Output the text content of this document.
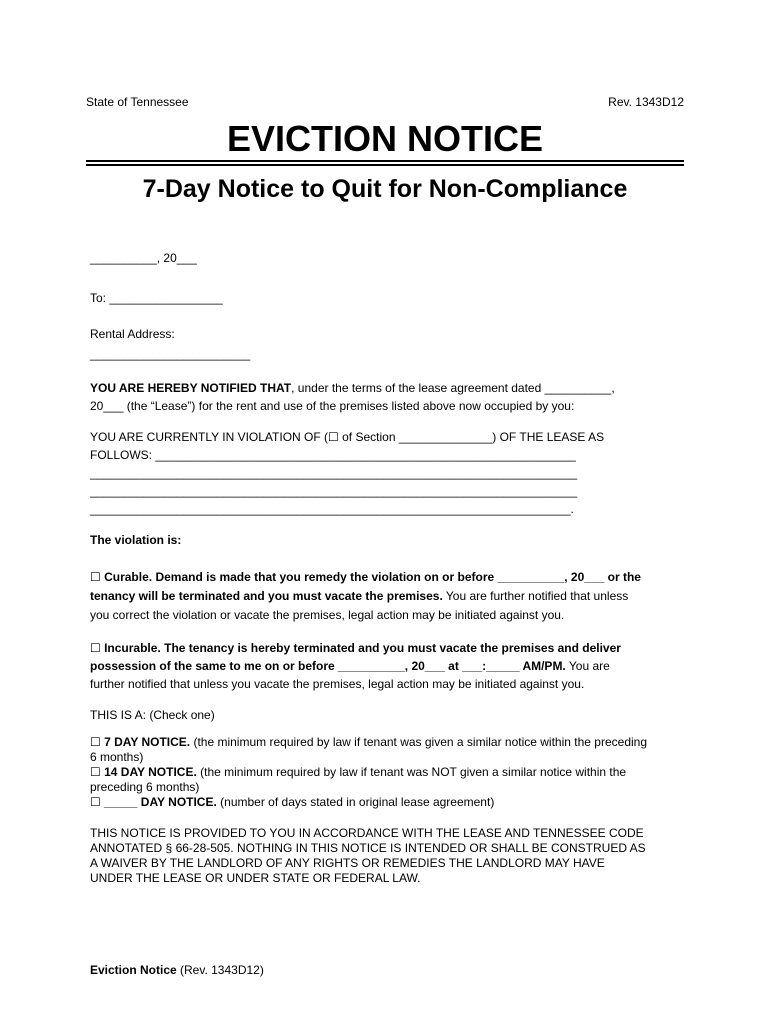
State of Tennessee	Rev. 1343D12
EVICTION NOTICE
7-Day Notice to Quit for Non-Compliance
__________, 20___
To: _________________
Rental Address:
________________________
YOU ARE HEREBY NOTIFIED THAT, under the terms of the lease agreement dated __________,
20___ (the “Lease”) for the rent and use of the premises listed above now occupied by you:
YOU ARE CURRENTLY IN VIOLATION OF (☐ of Section ______________) OF THE LEASE AS
FOLLOWS: _______________________________________________________________
_________________________________________________________________________
_________________________________________________________________________
________________________________________________________________________.
The violation is:
☐ Curable. Demand is made that you remedy the violation on or before __________, 20___ or the
tenancy will be terminated and you must vacate the premises. You are further notified that unless
you correct the violation or vacate the premises, legal action may be initiated against you.
☐ Incurable. The tenancy is hereby terminated and you must vacate the premises and deliver
possession of the same to me on or before __________, 20___ at ___:_____ AM/PM. You are
further notified that unless you vacate the premises, legal action may be initiated against you.
THIS IS A: (Check one)
☐ 7 DAY NOTICE. (the minimum required by law if tenant was given a similar notice within the preceding
6 months)
☐ 14 DAY NOTICE. (the minimum required by law if tenant was NOT given a similar notice within the
preceding 6 months)
☐ _____ DAY NOTICE. (number of days stated in original lease agreement)
THIS NOTICE IS PROVIDED TO YOU IN ACCORDANCE WITH THE LEASE AND TENNESSEE CODE
ANNOTATED § 66-28-505. NOTHING IN THIS NOTICE IS INTENDED OR SHALL BE CONSTRUED AS
A WAIVER BY THE LANDLORD OF ANY RIGHTS OR REMEDIES THE LANDLORD MAY HAVE
UNDER THE LEASE OR UNDER STATE OR FEDERAL LAW.
Eviction Notice (Rev. 1343D12)
